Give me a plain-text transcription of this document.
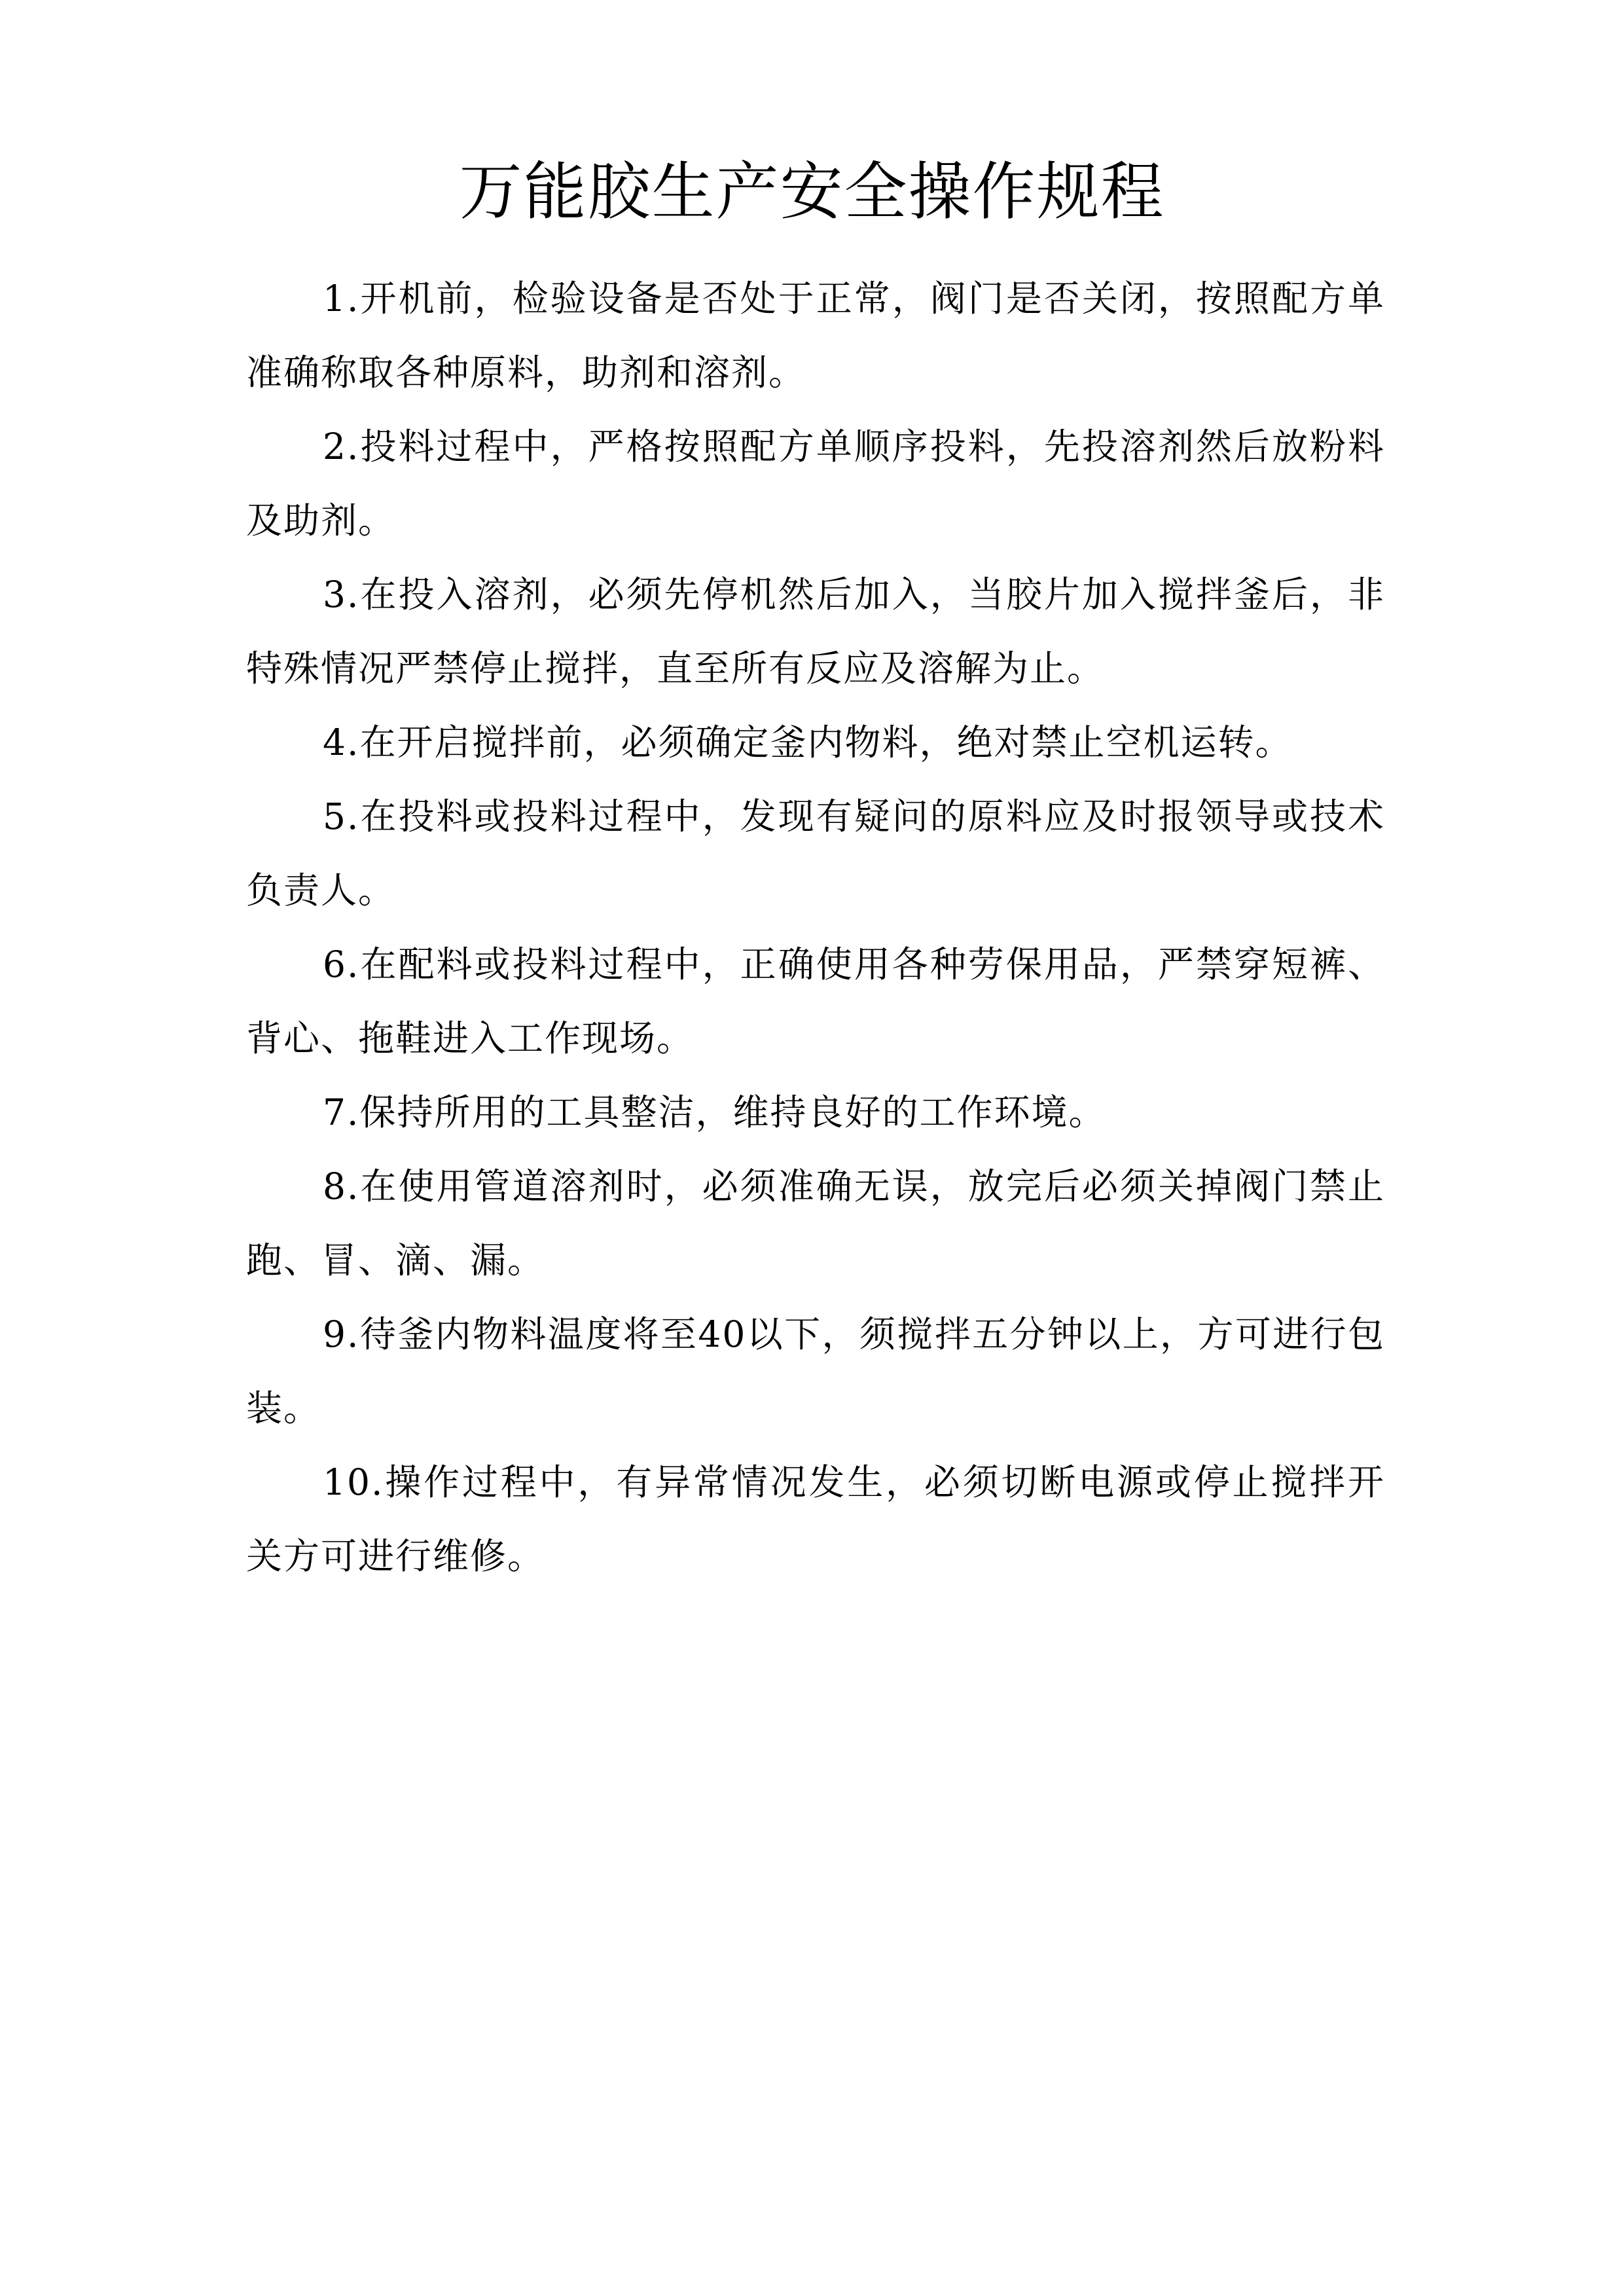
万能胶生产安全操作规程

1.开机前，检验设备是否处于正常，阀门是否关闭，按照配方单准确称取各种原料，助剂和溶剂。

2.投料过程中，严格按照配方单顺序投料，先投溶剂然后放粉料及助剂。

3.在投入溶剂，必须先停机然后加入，当胶片加入搅拌釜后，非特殊情况严禁停止搅拌，直至所有反应及溶解为止。

4.在开启搅拌前，必须确定釜内物料，绝对禁止空机运转。

5.在投料或投料过程中，发现有疑问的原料应及时报领导或技术负责人。

6.在配料或投料过程中，正确使用各种劳保用品，严禁穿短裤、背心、拖鞋进入工作现场。

7.保持所用的工具整洁，维持良好的工作环境。

8.在使用管道溶剂时，必须准确无误，放完后必须关掉阀门禁止跑、冒、滴、漏。

9.待釜内物料温度将至40以下，须搅拌五分钟以上，方可进行包装。

10.操作过程中，有异常情况发生，必须切断电源或停止搅拌开关方可进行维修。
